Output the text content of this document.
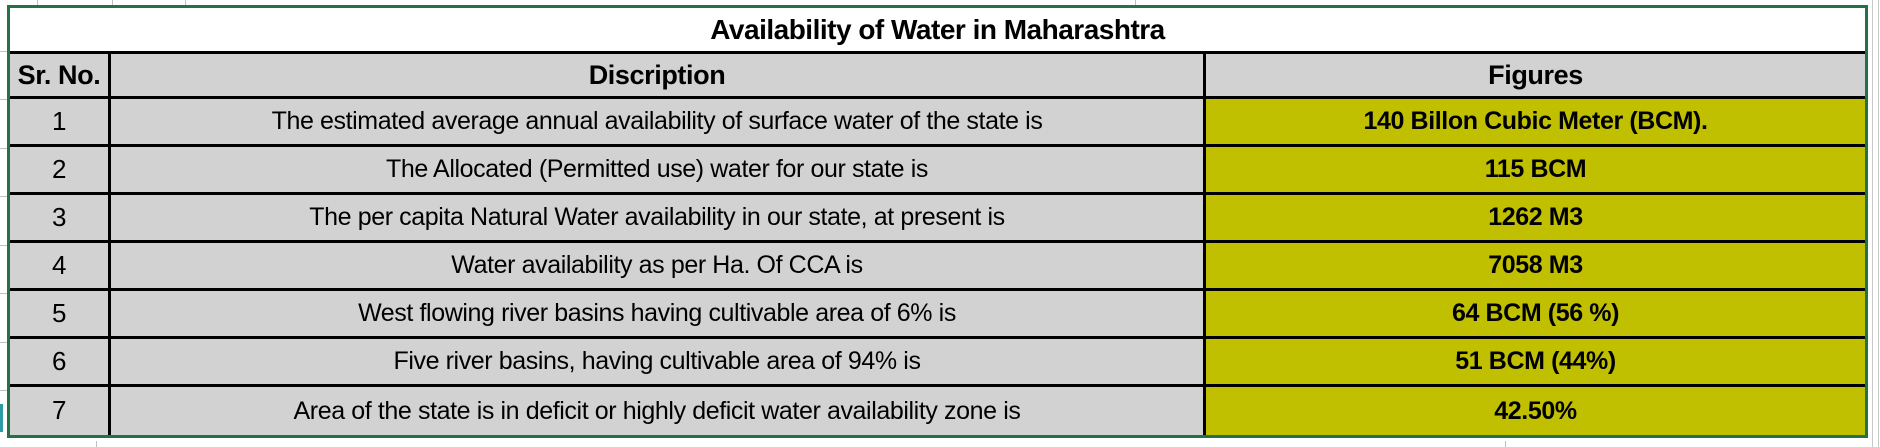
Availability of Water in Maharashtra
Sr. No.	Discription	Figures
1	The estimated average annual availability of surface water of the state is	140 Billon Cubic Meter (BCM).
2	The Allocated (Permitted use) water for our state is	115 BCM
3	The per capita Natural Water availability in our state, at present is	1262 M3
4	Water availability as per Ha. Of CCA is	7058 M3
5	West flowing river basins having cultivable area of 6% is	64 BCM (56 %)
6	Five river basins, having cultivable area of 94% is	51 BCM (44%)
7	Area of the state is in deficit or highly deficit water availability zone is	42.50%
